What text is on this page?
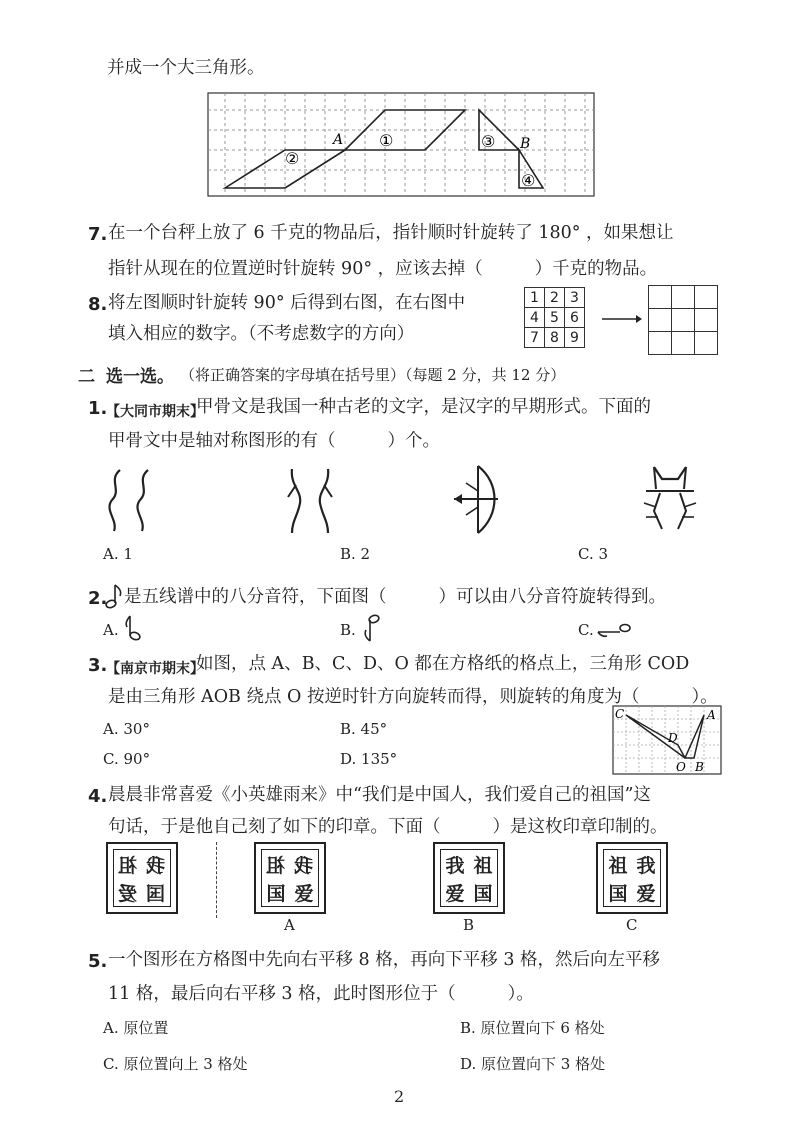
并成一个大三角形。
A	B
①
②
③
④
7. 在一个台秤上放了 6 千克的物品后，指针顺时针旋转了 180° ，如果想让
指针从现在的位置逆时针旋转 90° ，应该去掉（	）千克的物品。
8. 将左图顺时针旋转 90° 后得到右图，在右图中
填入相应的数字。（不考虑数字的方向）
1	2	3
4	5	6
7	8	9

二 选一选。 （将正确答案的字母填在括号里）（每题 2 分，共 12 分）
1.
【大同市期末】
甲骨文是我国一种古老的文字，是汉字的早期形式。下面的
甲骨文中是轴对称图形的有（	）个。
A. 1	B. 2	C. 3
2. 是五线谱中的八分音符，下面图（	）可以由八分音符旋转得到。
A.	B.	C.
3.
【南京市期末】
如图，点 A、B、C、D、O 都在方格纸的格点上，三角形 COD
是由三角形 AOB 绕点 O 按逆时针方向旋转而得，则旋转的角度为（	）。
A. 30°	B. 45°
C. 90°	D. 135°
C	A
D
O B
4. 晨晨非常喜爱《小英雄雨来》中“我们是中国人，我们爱自己的祖国”这
句话，于是他自己刻了如下的印章。下面（	）是这枚印章印制的。
祖 我
爱 国
祖 我
国 爱
A
我 祖
爱 国
B
祖 我
国 爱
C
5. 一个图形在方格图中先向右平移 8 格，再向下平移 3 格，然后向左平移
11 格，最后向右平移 3 格，此时图形位于（	）。
A. 原位置	B. 原位置向下 6 格处
C. 原位置向上 3 格处	D. 原位置向下 3 格处
2
